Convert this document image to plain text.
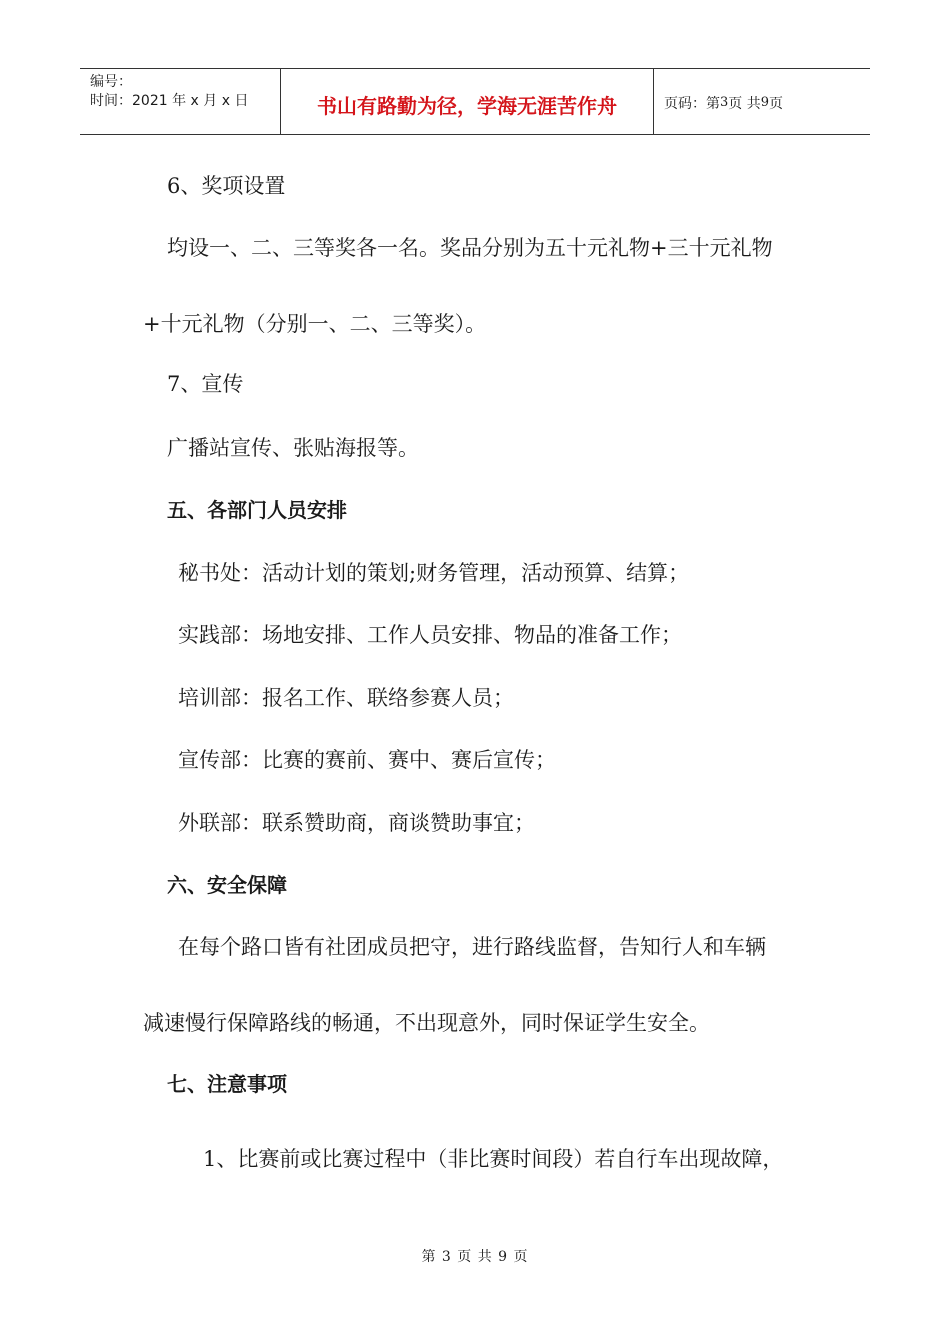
编号：
时间：2021 年 x 月 x 日	书山有路勤为径，学海无涯苦作舟	页码：第 3 页 共 9 页
6、奖项设置
均设一、二、三等奖各一名。奖品分别为五十元礼物+三十元礼物
+十元礼物（分别一、二、三等奖）。
7、宣传
广播站宣传、张贴海报等。
五、各部门人员安排
秘书处：活动计划的策划;财务管理，活动预算、结算；
实践部：场地安排、工作人员安排、物品的准备工作；
培训部：报名工作、联络参赛人员；
宣传部：比赛的赛前、赛中、赛后宣传；
外联部：联系赞助商，商谈赞助事宜；
六、安全保障
在每个路口皆有社团成员把守，进行路线监督，告知行人和车辆
减速慢行保障路线的畅通，不出现意外，同时保证学生安全。
七、注意事项
1、比赛前或比赛过程中（非比赛时间段）若自行车出现故障，
第 3 页 共 9 页
